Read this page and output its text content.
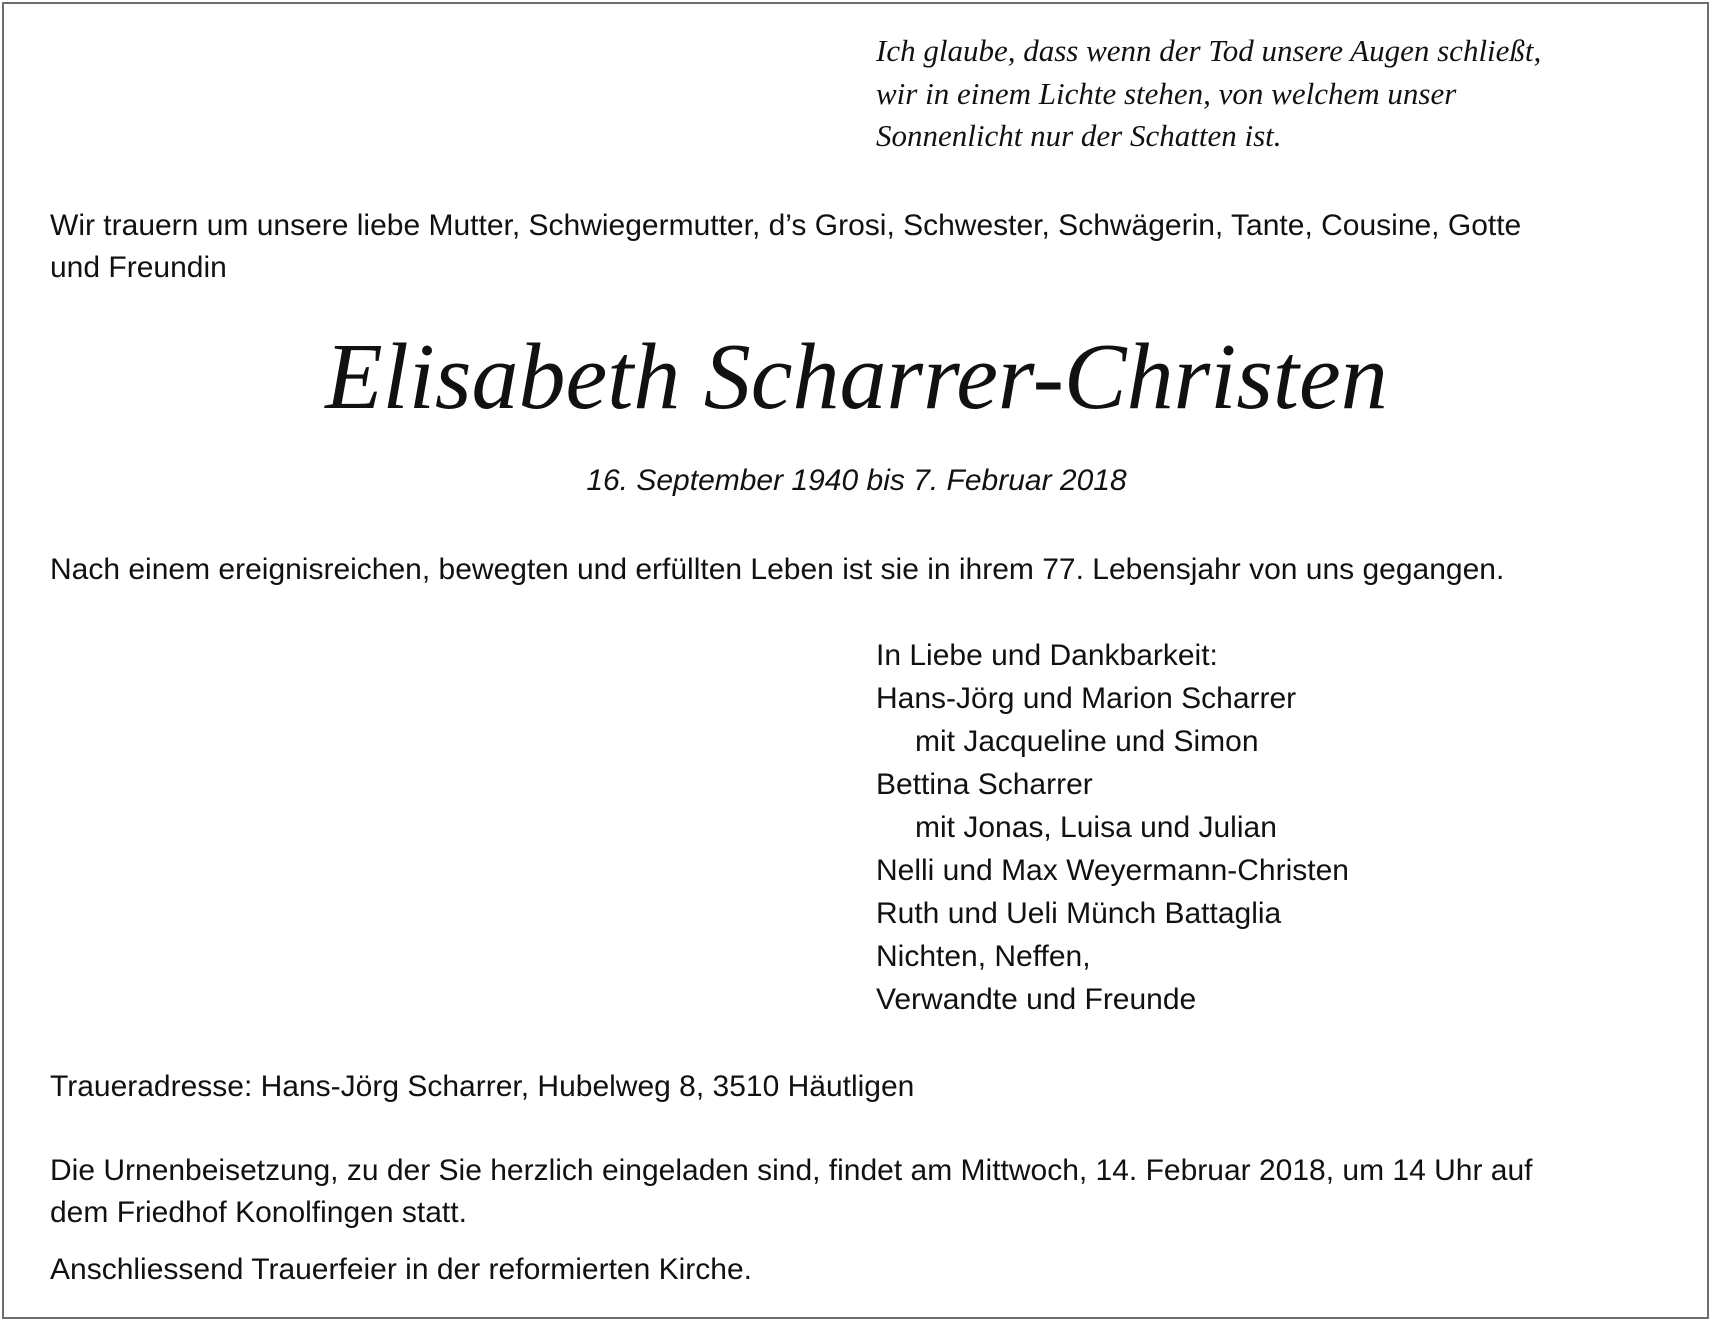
Ich glaube, dass wenn der Tod unsere Augen schließt,
wir in einem Lichte stehen, von welchem unser
Sonnenlicht nur der Schatten ist.
Wir trauern um unsere liebe Mutter, Schwiegermutter, d’s Grosi, Schwester, Schwägerin, Tante, Cousine, Gotte
und Freundin
Elisabeth Scharrer-Christen
16. September 1940 bis 7. Februar 2018
Nach einem ereignisreichen, bewegten und erfüllten Leben ist sie in ihrem 77. Lebensjahr von uns gegangen.
In Liebe und Dankbarkeit:
Hans-Jörg und Marion Scharrer
mit Jacqueline und Simon
Bettina Scharrer
mit Jonas, Luisa und Julian
Nelli und Max Weyermann-Christen
Ruth und Ueli Münch Battaglia
Nichten, Neffen,
Verwandte und Freunde
Traueradresse: Hans-Jörg Scharrer, Hubelweg 8, 3510 Häutligen
Die Urnenbeisetzung, zu der Sie herzlich eingeladen sind, findet am Mittwoch, 14. Februar 2018, um 14 Uhr auf
dem Friedhof Konolfingen statt.
Anschliessend Trauerfeier in der reformierten Kirche.
